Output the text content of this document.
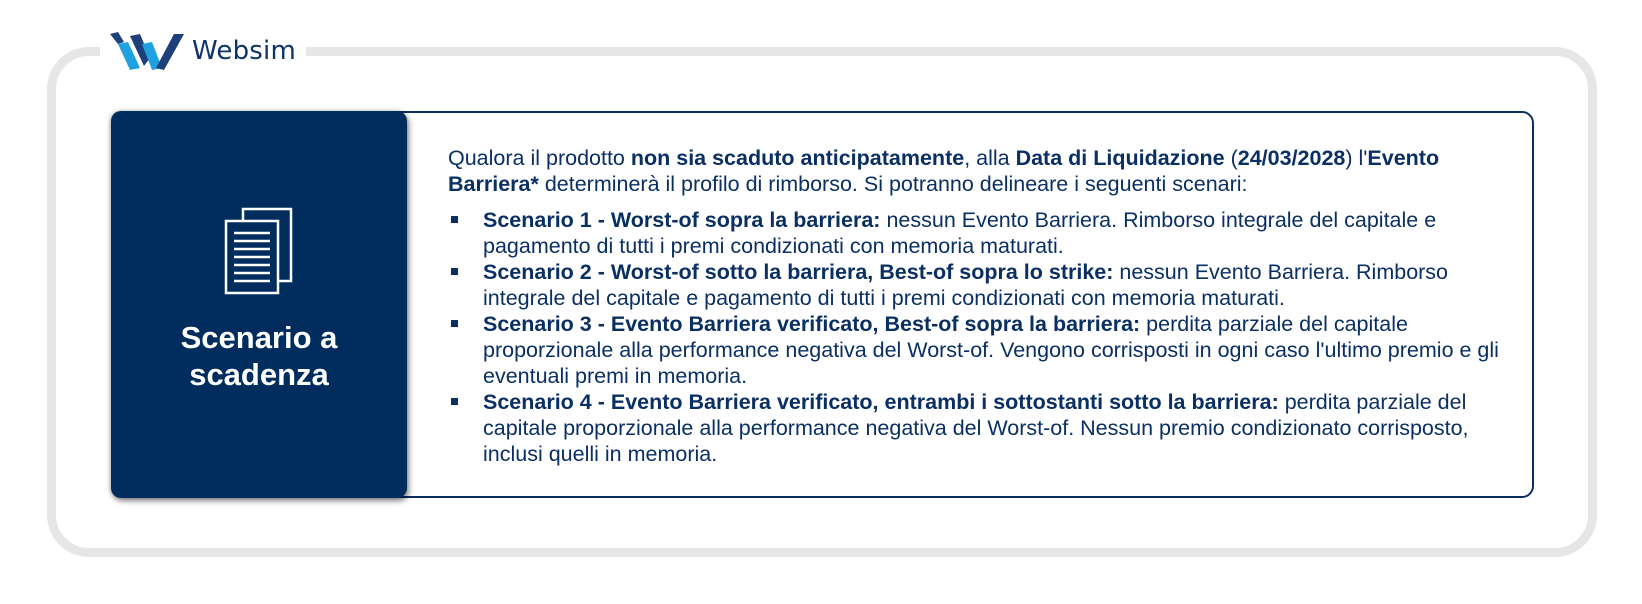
Websim
Scenario a
scadenza
Qualora il prodotto non sia scaduto anticipatamente, alla Data di Liquidazione (24/03/2028) l'Evento Barriera* determinerà il profilo di rimborso. Si potranno delineare i seguenti scenari:
Scenario 1 - Worst-of sopra la barriera: nessun Evento Barriera. Rimborso integrale del capitale e pagamento di tutti i premi condizionati con memoria maturati.
Scenario 2 - Worst-of sotto la barriera, Best-of sopra lo strike: nessun Evento Barriera. Rimborso integrale del capitale e pagamento di tutti i premi condizionati con memoria maturati.
Scenario 3 - Evento Barriera verificato, Best-of sopra la barriera: perdita parziale del capitale proporzionale alla performance negativa del Worst-of. Vengono corrisposti in ogni caso l'ultimo premio e gli eventuali premi in memoria.
Scenario 4 - Evento Barriera verificato, entrambi i sottostanti sotto la barriera: perdita parziale del capitale proporzionale alla performance negativa del Worst-of. Nessun premio condizionato corrisposto, inclusi quelli in memoria.
